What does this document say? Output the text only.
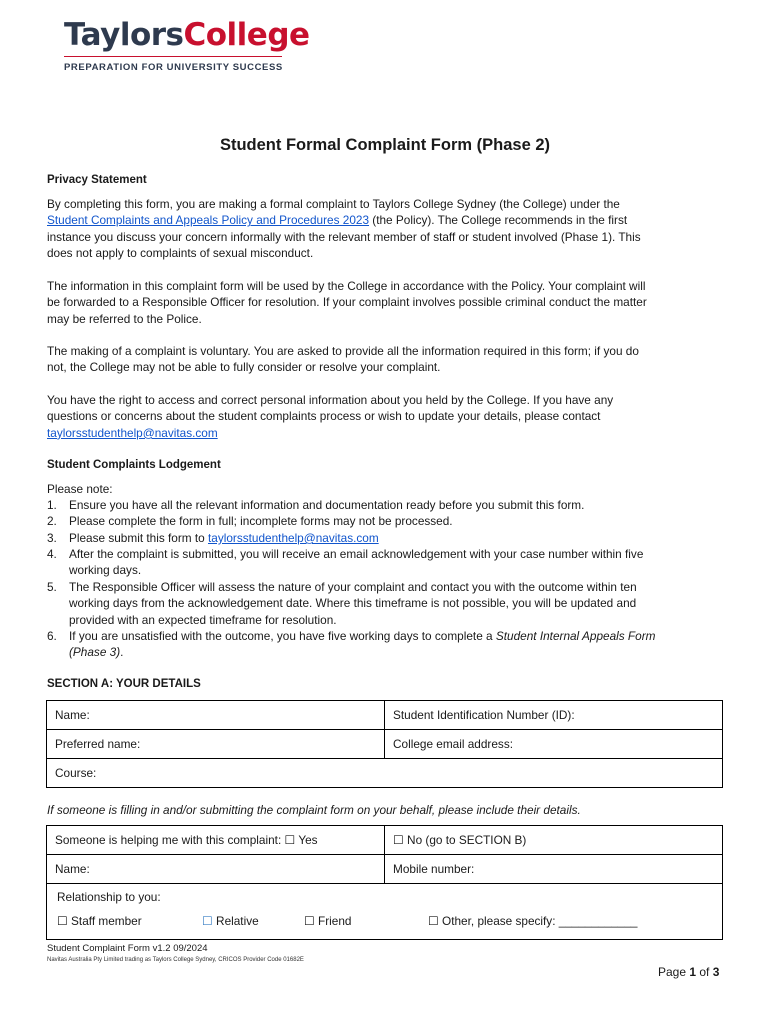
TaylorsCollege
PREPARATION FOR UNIVERSITY SUCCESS
Student Formal Complaint Form (Phase 2)
Privacy Statement
By completing this form, you are making a formal complaint to Taylors College Sydney (the College) under the
Student Complaints and Appeals Policy and Procedures 2023 (the Policy). The College recommends in the first
instance you discuss your concern informally with the relevant member of staff or student involved (Phase 1). This
does not apply to complaints of sexual misconduct.
The information in this complaint form will be used by the College in accordance with the Policy. Your complaint will
be forwarded to a Responsible Officer for resolution. If your complaint involves possible criminal conduct the matter
may be referred to the Police.
The making of a complaint is voluntary. You are asked to provide all the information required in this form; if you do
not, the College may not be able to fully consider or resolve your complaint.
You have the right to access and correct personal information about you held by the College. If you have any
questions or concerns about the student complaints process or wish to update your details, please contact
taylorsstudenthelp@navitas.com
Student Complaints Lodgement
Please note:
1. Ensure you have all the relevant information and documentation ready before you submit this form.
2. Please complete the form in full; incomplete forms may not be processed.
3. Please submit this form to taylorsstudenthelp@navitas.com
4. After the complaint is submitted, you will receive an email acknowledgement with your case number within five
working days.
5. The Responsible Officer will assess the nature of your complaint and contact you with the outcome within ten
working days from the acknowledgement date. Where this timeframe is not possible, you will be updated and
provided with an expected timeframe for resolution.
6. If you are unsatisfied with the outcome, you have five working days to complete a Student Internal Appeals Form
(Phase 3).
SECTION A: YOUR DETAILS
Name:	Student Identification Number (ID):
Preferred name:	College email address:
Course:	
If someone is filling in and/or submitting the complaint form on your behalf, please include their details.
Someone is helping me with this complaint: ☐ Yes	☐ No (go to SECTION B)
Name:	Mobile number:

Relationship to you:
☐ Staff member ☐ Relative ☐ Friend ☐ Other, please specify: ____________	
Student Complaint Form v1.2 09/2024
Navitas Australia Pty Limited trading as Taylors College Sydney, CRICOS Provider Code 01682E
Page 1 of 3
